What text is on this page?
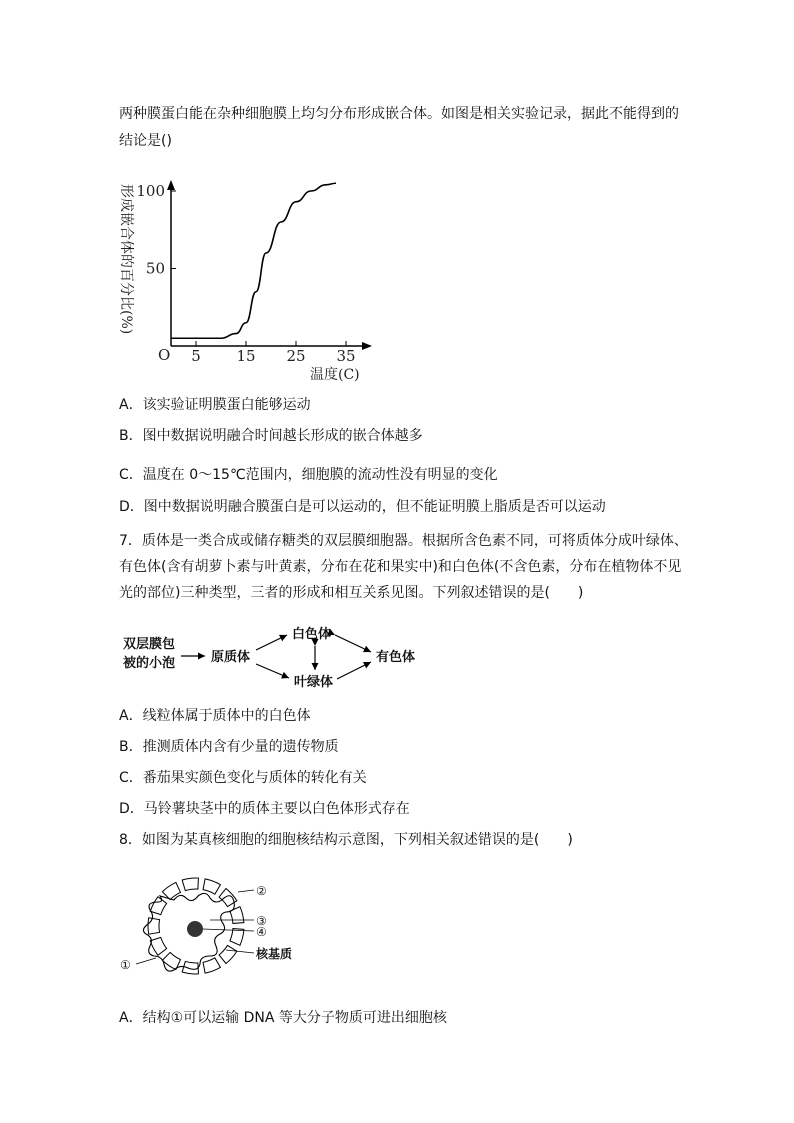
两种膜蛋白能在杂种细胞膜上均匀分布形成嵌合体。如图是相关实验记录，据此不能得到的
结论是()
形成嵌合体的百分比(%)
O
温度(C)
5 15 25 35
50
100
A．该实验证明膜蛋白能够运动
B．图中数据说明融合时间越长形成的嵌合体越多
C．温度在 0～15℃范围内，细胞膜的流动性没有明显的变化
D．图中数据说明融合膜蛋白是可以运动的，但不能证明膜上脂质是否可以运动
7．质体是一类合成或储存糖类的双层膜细胞器。根据所含色素不同，可将质体分成叶绿体、
有色体(含有胡萝卜素与叶黄素，分布在花和果实中)和白色体(不含色素，分布在植物体不见
光的部位)三种类型，三者的形成和相互关系见图。下列叙述错误的是(　　)
双层膜包
被的小泡	原质体
白色体
叶绿体
有色体
A．线粒体属于质体中的白色体
B．推测质体内含有少量的遗传物质
C．番茄果实颜色变化与质体的转化有关
D．马铃薯块茎中的质体主要以白色体形式存在
8．如图为某真核细胞的细胞核结构示意图，下列相关叙述错误的是(　　)
②
③
④
核基质
①
A．结构①可以运输 DNA 等大分子物质可进出细胞核
